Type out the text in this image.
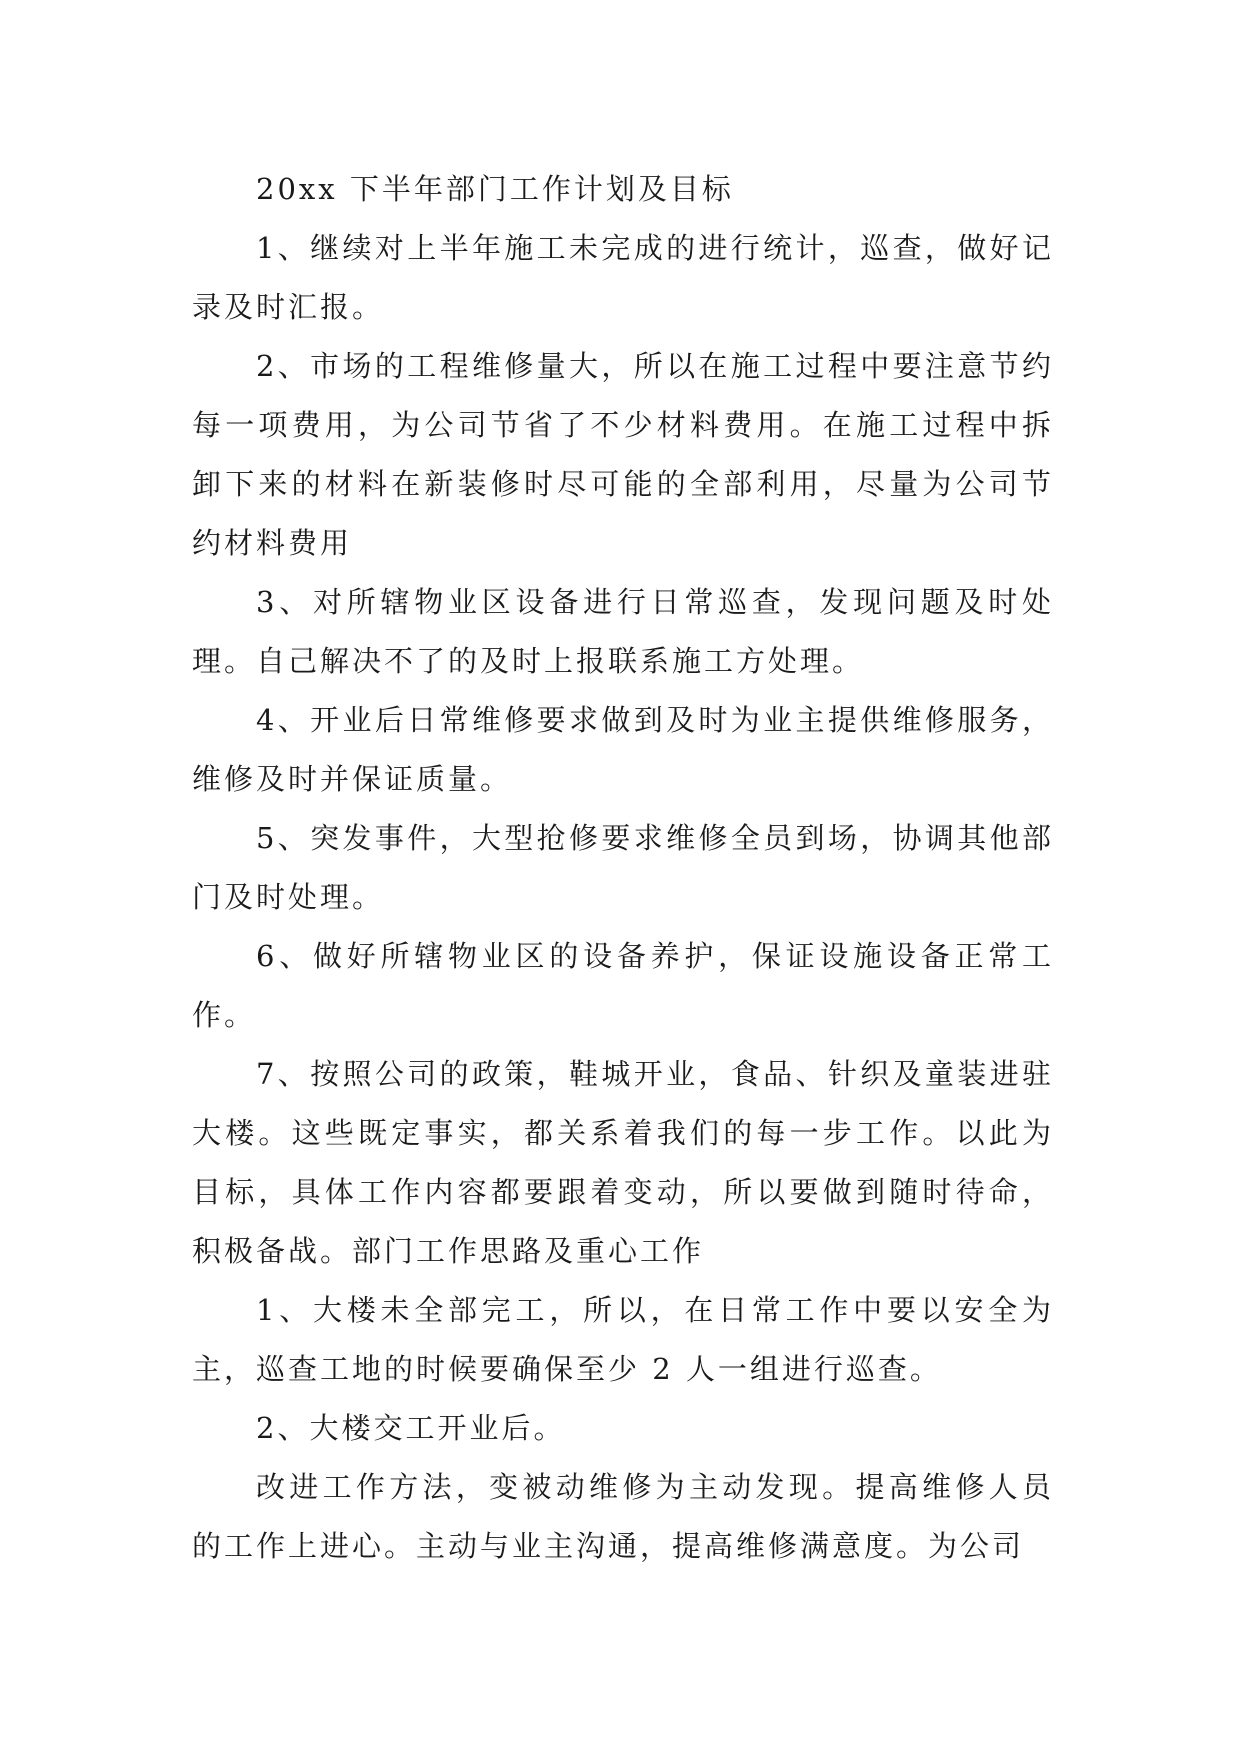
20xx 下半年部门工作计划及目标

1、继续对上半年施工未完成的进行统计，巡查，做好记录及时汇报。

2、市场的工程维修量大，所以在施工过程中要注意节约每一项费用，为公司节省了不少材料费用。在施工过程中拆卸下来的材料在新装修时尽可能的全部利用，尽量为公司节约材料费用

3、对所辖物业区设备进行日常巡查，发现问题及时处理。自己解决不了的及时上报联系施工方处理。

4、开业后日常维修要求做到及时为业主提供维修服务，维修及时并保证质量。

5、突发事件，大型抢修要求维修全员到场，协调其他部门及时处理。

6、做好所辖物业区的设备养护，保证设施设备正常工作。

7、按照公司的政策，鞋城开业，食品、针织及童装进驻大楼。这些既定事实，都关系着我们的每一步工作。以此为目标，具体工作内容都要跟着变动，所以要做到随时待命，积极备战。部门工作思路及重心工作

1、大楼未全部完工，所以，在日常工作中要以安全为主，巡查工地的时候要确保至少 2 人一组进行巡查。

2、大楼交工开业后。

改进工作方法，变被动维修为主动发现。提高维修人员的工作上进心。主动与业主沟通，提高维修满意度。为公司
